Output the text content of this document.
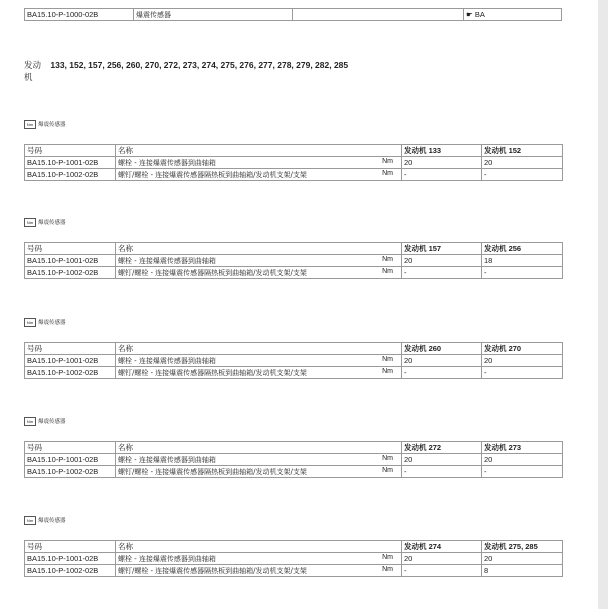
BA15.10-P-1000-02B	爆震传感器		☛ BA
发动机 133, 152, 157, 256, 260, 270, 272, 273, 274, 275, 276, 277, 278, 279, 282, 285
Nm 爆震传感器
号码	名称	发动机 133	发动机 152
BA15.10-P-1001-02B	螺栓 - 连接爆震传感器到曲轴箱 Nm	20	20
BA15.10-P-1002-02B	螺钉/螺栓 - 连接爆震传感器隔热板到曲轴箱/发动机支架/支架 Nm	-	-
Nm 爆震传感器
号码	名称	发动机 157	发动机 256
BA15.10-P-1001-02B	螺栓 - 连接爆震传感器到曲轴箱 Nm	20	18
BA15.10-P-1002-02B	螺钉/螺栓 - 连接爆震传感器隔热板到曲轴箱/发动机支架/支架 Nm	-	-
Nm 爆震传感器
号码	名称	发动机 260	发动机 270
BA15.10-P-1001-02B	螺栓 - 连接爆震传感器到曲轴箱 Nm	20	20
BA15.10-P-1002-02B	螺钉/螺栓 - 连接爆震传感器隔热板到曲轴箱/发动机支架/支架 Nm	-	-
Nm 爆震传感器
号码	名称	发动机 272	发动机 273
BA15.10-P-1001-02B	螺栓 - 连接爆震传感器到曲轴箱 Nm	20	20
BA15.10-P-1002-02B	螺钉/螺栓 - 连接爆震传感器隔热板到曲轴箱/发动机支架/支架 Nm	-	-
Nm 爆震传感器
号码	名称	发动机 274	发动机 275, 285
BA15.10-P-1001-02B	螺栓 - 连接爆震传感器到曲轴箱 Nm	20	20
BA15.10-P-1002-02B	螺钉/螺栓 - 连接爆震传感器隔热板到曲轴箱/发动机支架/支架 Nm	-	8
